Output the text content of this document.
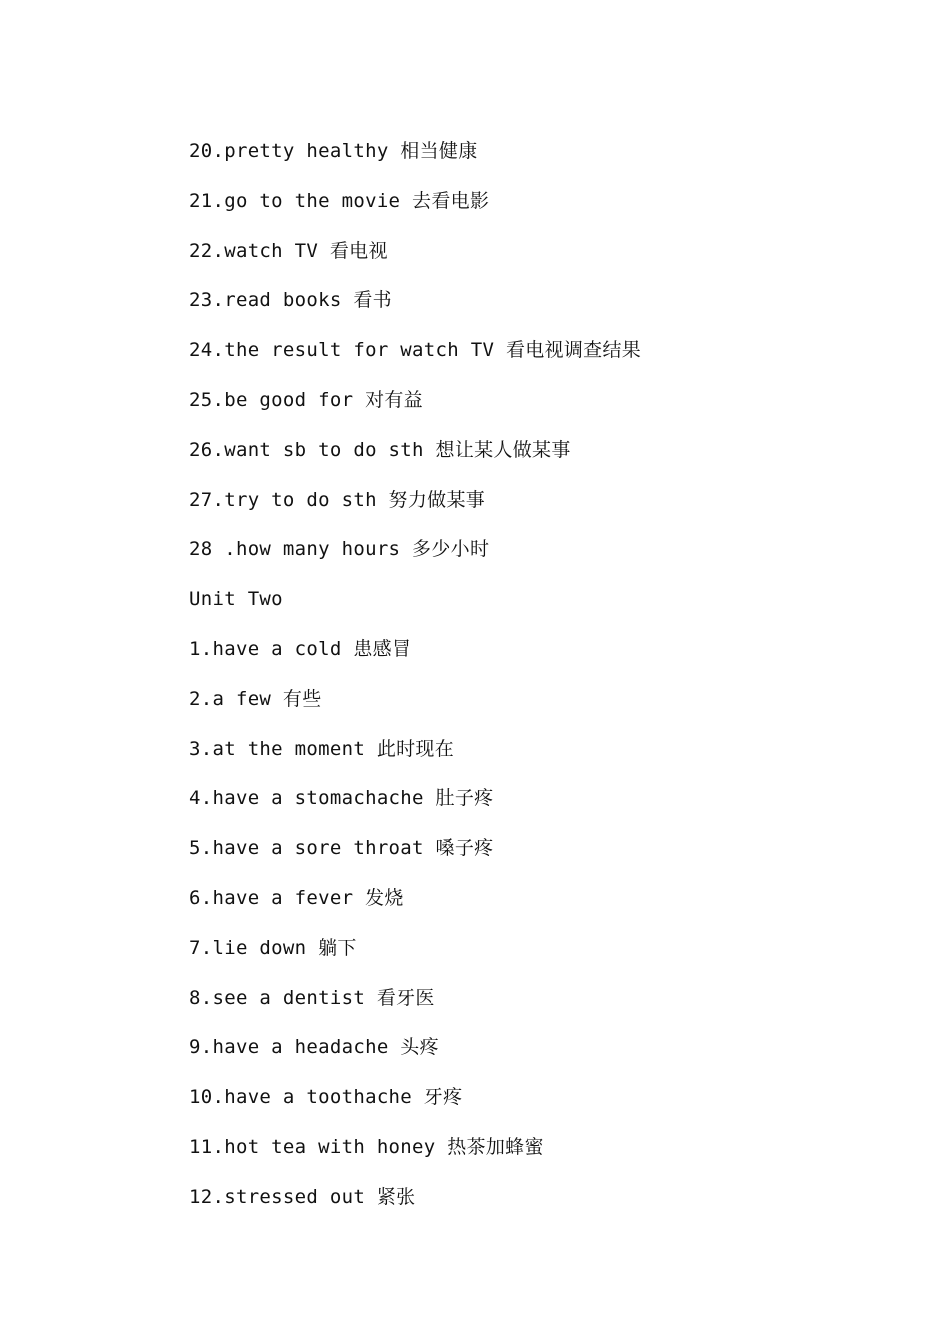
20.pretty healthy 相当健康
21.go to the movie 去看电影
22.watch TV 看电视
23.read books 看书
24.the result for watch TV 看电视调查结果
25.be good for 对有益
26.want sb to do sth 想让某人做某事
27.try to do sth 努力做某事
28 .how many hours 多少小时
Unit Two
1.have a cold 患感冒
2.a few 有些
3.at the moment 此时现在
4.have a stomachache 肚子疼
5.have a sore throat 嗓子疼
6.have a fever 发烧
7.lie down 躺下
8.see a dentist 看牙医
9.have a headache 头疼
10.have a toothache 牙疼
11.hot tea with honey 热茶加蜂蜜
12.stressed out 紧张
